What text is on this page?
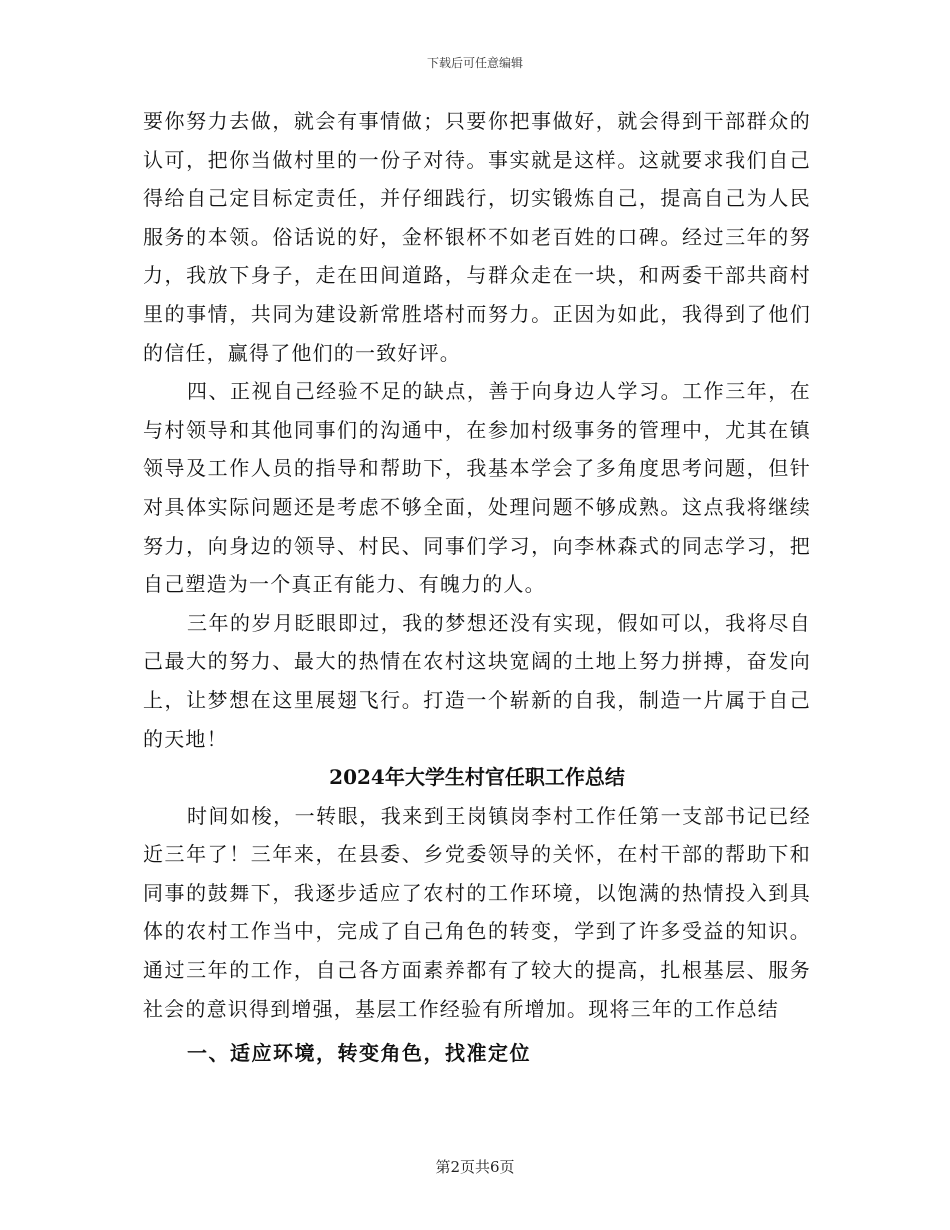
下载后可任意编辑

要你努力去做，就会有事情做；只要你把事做好，就会得到干部群众的认可，把你当做村里的一份子对待。事实就是这样。这就要求我们自己得给自己定目标定责任，并仔细践行，切实锻炼自己，提高自己为人民服务的本领。俗话说的好，金杯银杯不如老百姓的口碑。经过三年的努力，我放下身子，走在田间道路，与群众走在一块，和两委干部共商村里的事情，共同为建设新常胜塔村而努力。正因为如此，我得到了他们的信任，赢得了他们的一致好评。

四、正视自己经验不足的缺点，善于向身边人学习。工作三年，在与村领导和其他同事们的沟通中，在参加村级事务的管理中，尤其在镇领导及工作人员的指导和帮助下，我基本学会了多角度思考问题，但针对具体实际问题还是考虑不够全面，处理问题不够成熟。这点我将继续努力，向身边的领导、村民、同事们学习，向李林森式的同志学习，把自己塑造为一个真正有能力、有魄力的人。

三年的岁月眨眼即过，我的梦想还没有实现，假如可以，我将尽自己最大的努力、最大的热情在农村这块宽阔的土地上努力拼搏，奋发向上，让梦想在这里展翅飞行。打造一个崭新的自我，制造一片属于自己的天地！

2024年大学生村官任职工作总结

时间如梭，一转眼，我来到王岗镇岗李村工作任第一支部书记已经近三年了！三年来，在县委、乡党委领导的关怀，在村干部的帮助下和同事的鼓舞下，我逐步适应了农村的工作环境，以饱满的热情投入到具体的农村工作当中，完成了自己角色的转变，学到了许多受益的知识。通过三年的工作，自己各方面素养都有了较大的提高，扎根基层、服务社会的意识得到增强，基层工作经验有所增加。现将三年的工作总结

一、适应环境，转变角色，找准定位

第2页共6页
